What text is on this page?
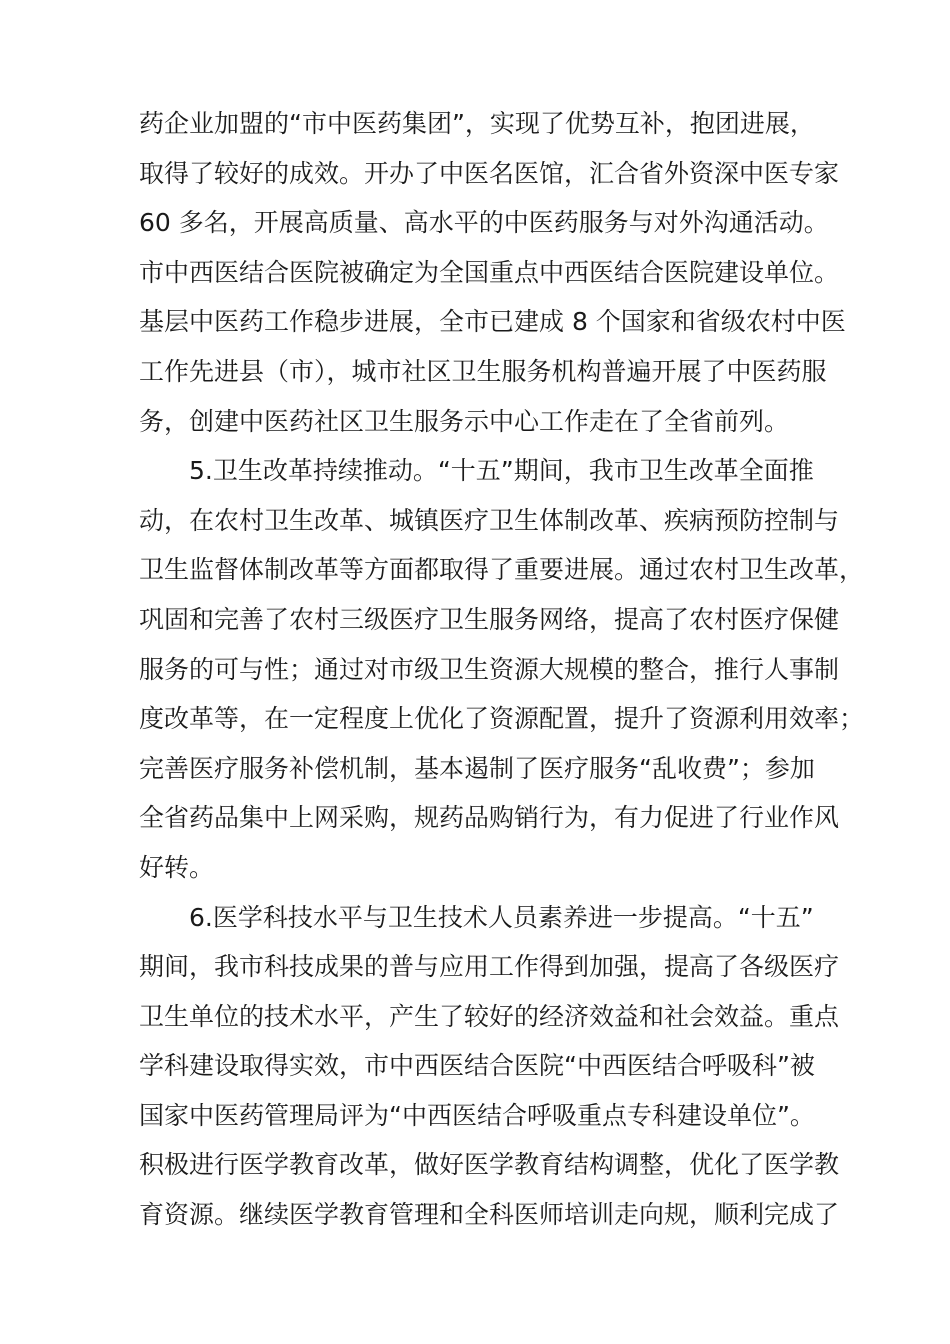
药企业加盟的“市中医药集团”，实现了优势互补，抱团进展，
取得了较好的成效。开办了中医名医馆，汇合省外资深中医专家
60 多名，开展高质量、高水平的中医药服务与对外沟通活动。
市中西医结合医院被确定为全国重点中西医结合医院建设单位。
基层中医药工作稳步进展，全市已建成 8 个国家和省级农村中医
工作先进县（市），城市社区卫生服务机构普遍开展了中医药服
务，创建中医药社区卫生服务示中心工作走在了全省前列。
　　5.卫生改革持续推动。“十五”期间，我市卫生改革全面推
动，在农村卫生改革、城镇医疗卫生体制改革、疾病预防控制与
卫生监督体制改革等方面都取得了重要进展。通过农村卫生改革，
巩固和完善了农村三级医疗卫生服务网络，提高了农村医疗保健
服务的可与性；通过对市级卫生资源大规模的整合，推行人事制
度改革等，在一定程度上优化了资源配置，提升了资源利用效率；
完善医疗服务补偿机制，基本遏制了医疗服务“乱收费”；参加
全省药品集中上网采购，规药品购销行为，有力促进了行业作风
好转。
　　6.医学科技水平与卫生技术人员素养进一步提高。“十五”
期间，我市科技成果的普与应用工作得到加强，提高了各级医疗
卫生单位的技术水平，产生了较好的经济效益和社会效益。重点
学科建设取得实效，市中西医结合医院“中西医结合呼吸科”被
国家中医药管理局评为“中西医结合呼吸重点专科建设单位”。
积极进行医学教育改革，做好医学教育结构调整，优化了医学教
育资源。继续医学教育管理和全科医师培训走向规，顺利完成了
